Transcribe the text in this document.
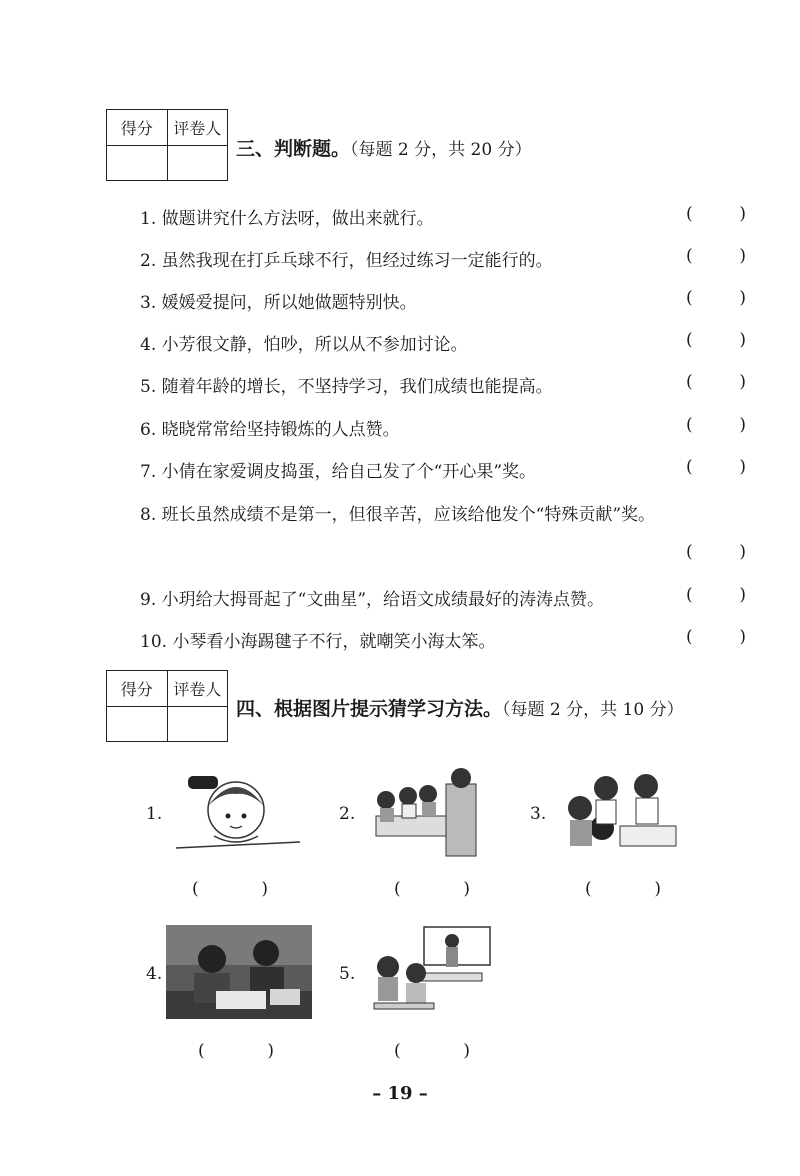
得分	评卷人
三、判断题。（每题 2 分，共 20 分）
1. 做题讲究什么方法呀，做出来就行。	(	)
2. 虽然我现在打乒乓球不行，但经过练习一定能行的。	(	)
3. 媛媛爱提问，所以她做题特别快。	(	)
4. 小芳很文静，怕吵，所以从不参加讨论。	(	)
5. 随着年龄的增长，不坚持学习，我们成绩也能提高。	(	)
6. 晓晓常常给坚持锻炼的人点赞。	(	)
7. 小倩在家爱调皮捣蛋，给自己发了个“开心果”奖。	(	)
8. 班长虽然成绩不是第一，但很辛苦，应该给他发个“特殊贡献”奖。
(	)
9. 小玥给大拇哥起了“文曲星”，给语文成绩最好的涛涛点赞。	(	)
10. 小琴看小海踢毽子不行，就嘲笑小海太笨。	(	)
得分	评卷人
四、根据图片提示猜学习方法。（每题 2 分，共 10 分）
1.
(	)
2.
(	)
3.
(	)
4.
(	)
5.
(	)
– 19 –
